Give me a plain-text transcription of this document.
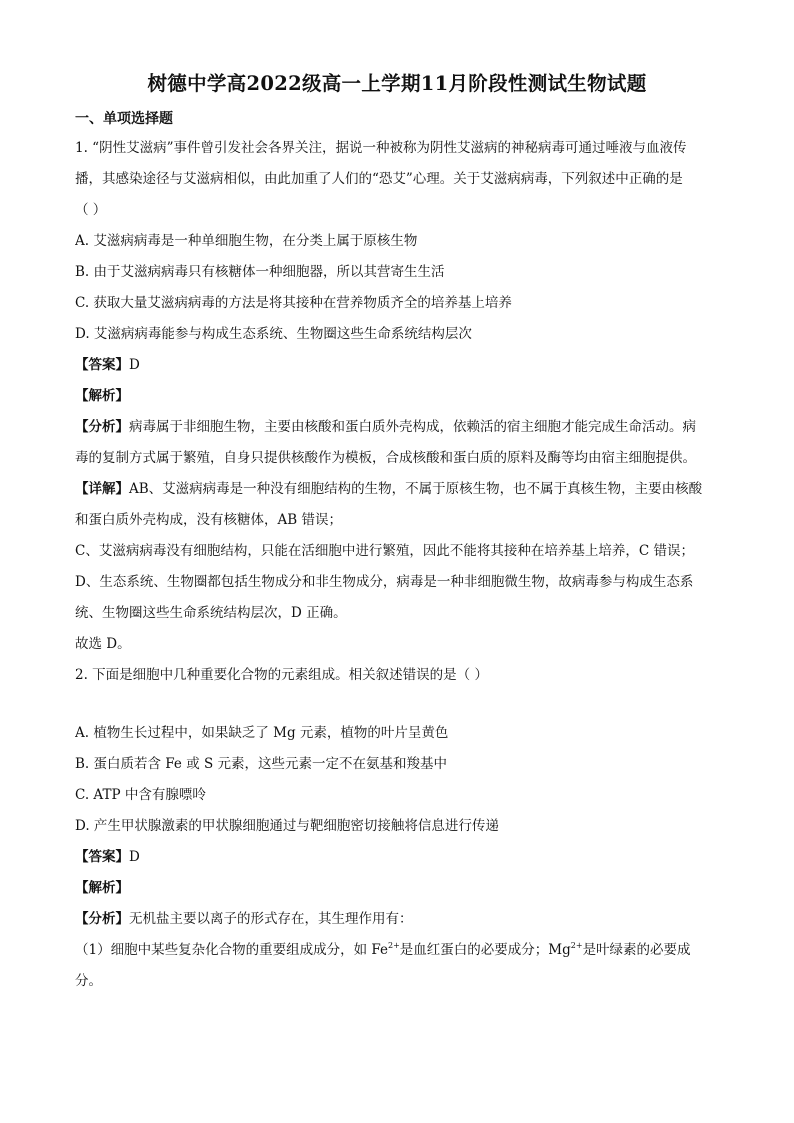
树德中学高2022级高一上学期11月阶段性测试生物试题
一、单项选择题
1. “阴性艾滋病”事件曾引发社会各界关注，据说一种被称为阴性艾滋病的神秘病毒可通过唾液与血液传
播，其感染途径与艾滋病相似，由此加重了人们的“恐艾”心理。关于艾滋病病毒，下列叙述中正确的是
（ ）
A. 艾滋病病毒是一种单细胞生物，在分类上属于原核生物
B. 由于艾滋病病毒只有核糖体一种细胞器，所以其营寄生生活
C. 获取大量艾滋病病毒的方法是将其接种在营养物质齐全的培养基上培养
D. 艾滋病病毒能参与构成生态系统、生物圈这些生命系统结构层次
【答案】D
【解析】
【分析】病毒属于非细胞生物，主要由核酸和蛋白质外壳构成，依赖活的宿主细胞才能完成生命活动。病
毒的复制方式属于繁殖，自身只提供核酸作为模板，合成核酸和蛋白质的原料及酶等均由宿主细胞提供。
【详解】AB、艾滋病病毒是一种没有细胞结构的生物，不属于原核生物，也不属于真核生物，主要由核酸
和蛋白质外壳构成，没有核糖体，AB 错误；
C、艾滋病病毒没有细胞结构，只能在活细胞中进行繁殖，因此不能将其接种在培养基上培养，C 错误；
D、生态系统、生物圈都包括生物成分和非生物成分，病毒是一种非细胞微生物，故病毒参与构成生态系
统、生物圈这些生命系统结构层次，D 正确。
故选 D。
2. 下面是细胞中几种重要化合物的元素组成。相关叙述错误的是（ ）
A. 植物生长过程中，如果缺乏了 Mg 元素，植物的叶片呈黄色
B. 蛋白质若含 Fe 或 S 元素，这些元素一定不在氨基和羧基中
C. ATP 中含有腺嘌呤
D. 产生甲状腺激素的甲状腺细胞通过与靶细胞密切接触将信息进行传递
【答案】D
【解析】
【分析】无机盐主要以离子的形式存在，其生理作用有：
（1）细胞中某些复杂化合物的重要组成成分，如 $Fe^{2+}$是血红蛋白的必要成分；$Mg^{2+}$是叶绿素的必要成
分。
